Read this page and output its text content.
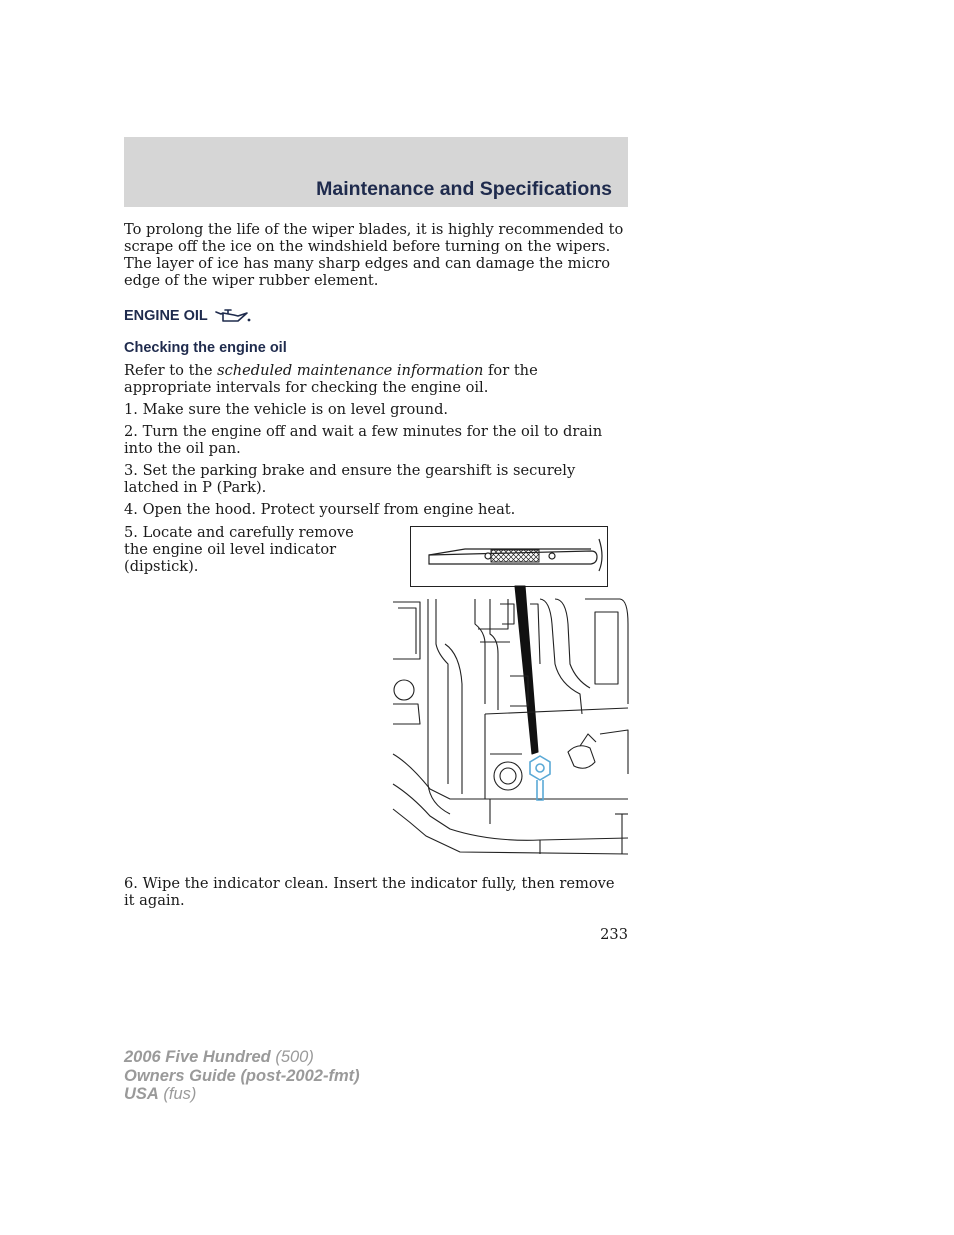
Maintenance and Specifications

To prolong the life of the wiper blades, it is highly recommended to scrape off the ice on the windshield before turning on the wipers. The layer of ice has many sharp edges and can damage the micro edge of the wiper rubber element.

ENGINE OIL
Checking the engine oil

Refer to the scheduled maintenance information for the appropriate intervals for checking the engine oil.

1. Make sure the vehicle is on level ground.

2. Turn the engine off and wait a few minutes for the oil to drain into the oil pan.

3. Set the parking brake and ensure the gearshift is securely latched in P (Park).

4. Open the hood. Protect yourself from engine heat.

5. Locate and carefully remove the engine oil level indicator (dipstick).

6. Wipe the indicator clean. Insert the indicator fully, then remove it again.

233
2006 Five Hundred (500)
Owners Guide (post-2002-fmt)
USA (fus)
